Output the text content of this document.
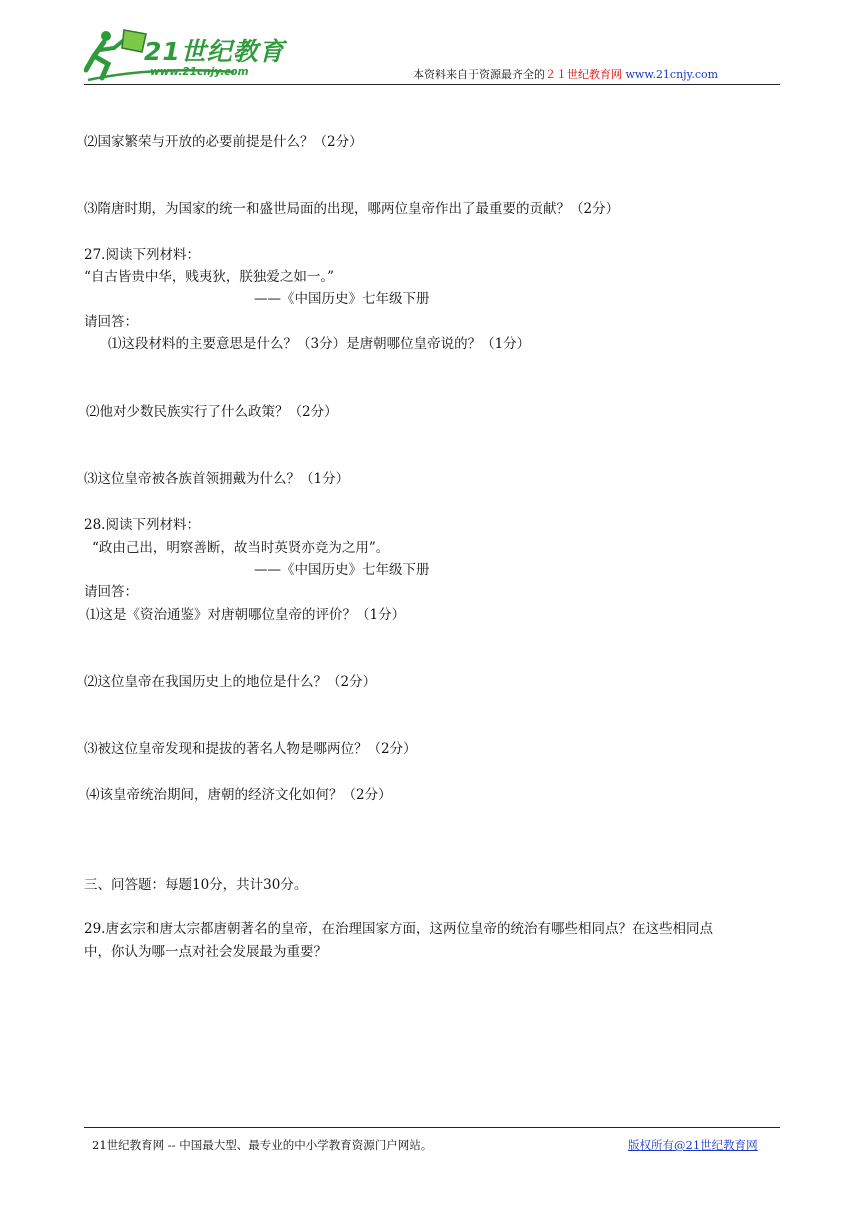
21世纪教育
www.21cnjy.com	本资料来自于资源最齐全的２１世纪教育网 www.21cnjy.com
⑵国家繁荣与开放的必要前提是什么？（2分）
⑶隋唐时期，为国家的统一和盛世局面的出现，哪两位皇帝作出了最重要的贡献？（2分）
27.阅读下列材料：
“自古皆贵中华，贱夷狄，朕独爱之如一。”
——《中国历史》七年级下册
请回答：
⑴这段材料的主要意思是什么？（3分）是唐朝哪位皇帝说的？（1分）
⑵他对少数民族实行了什么政策？（2分）
⑶这位皇帝被各族首领拥戴为什么？（1分）
28.阅读下列材料：
“政由己出，明察善断，故当时英贤亦竞为之用”。
——《中国历史》七年级下册
请回答：
⑴这是《资治通鉴》对唐朝哪位皇帝的评价？（1分）
⑵这位皇帝在我国历史上的地位是什么？（2分）
⑶被这位皇帝发现和提拔的著名人物是哪两位？（2分）
⑷该皇帝统治期间，唐朝的经济文化如何？（2分）
三、问答题：每题10分，共计30分。
29.唐玄宗和唐太宗都唐朝著名的皇帝，在治理国家方面，这两位皇帝的统治有哪些相同点？在这些相同点
中，你认为哪一点对社会发展最为重要？
21世纪教育网 -- 中国最大型、最专业的中小学教育资源门户网站。	版权所有@21世纪教育网
